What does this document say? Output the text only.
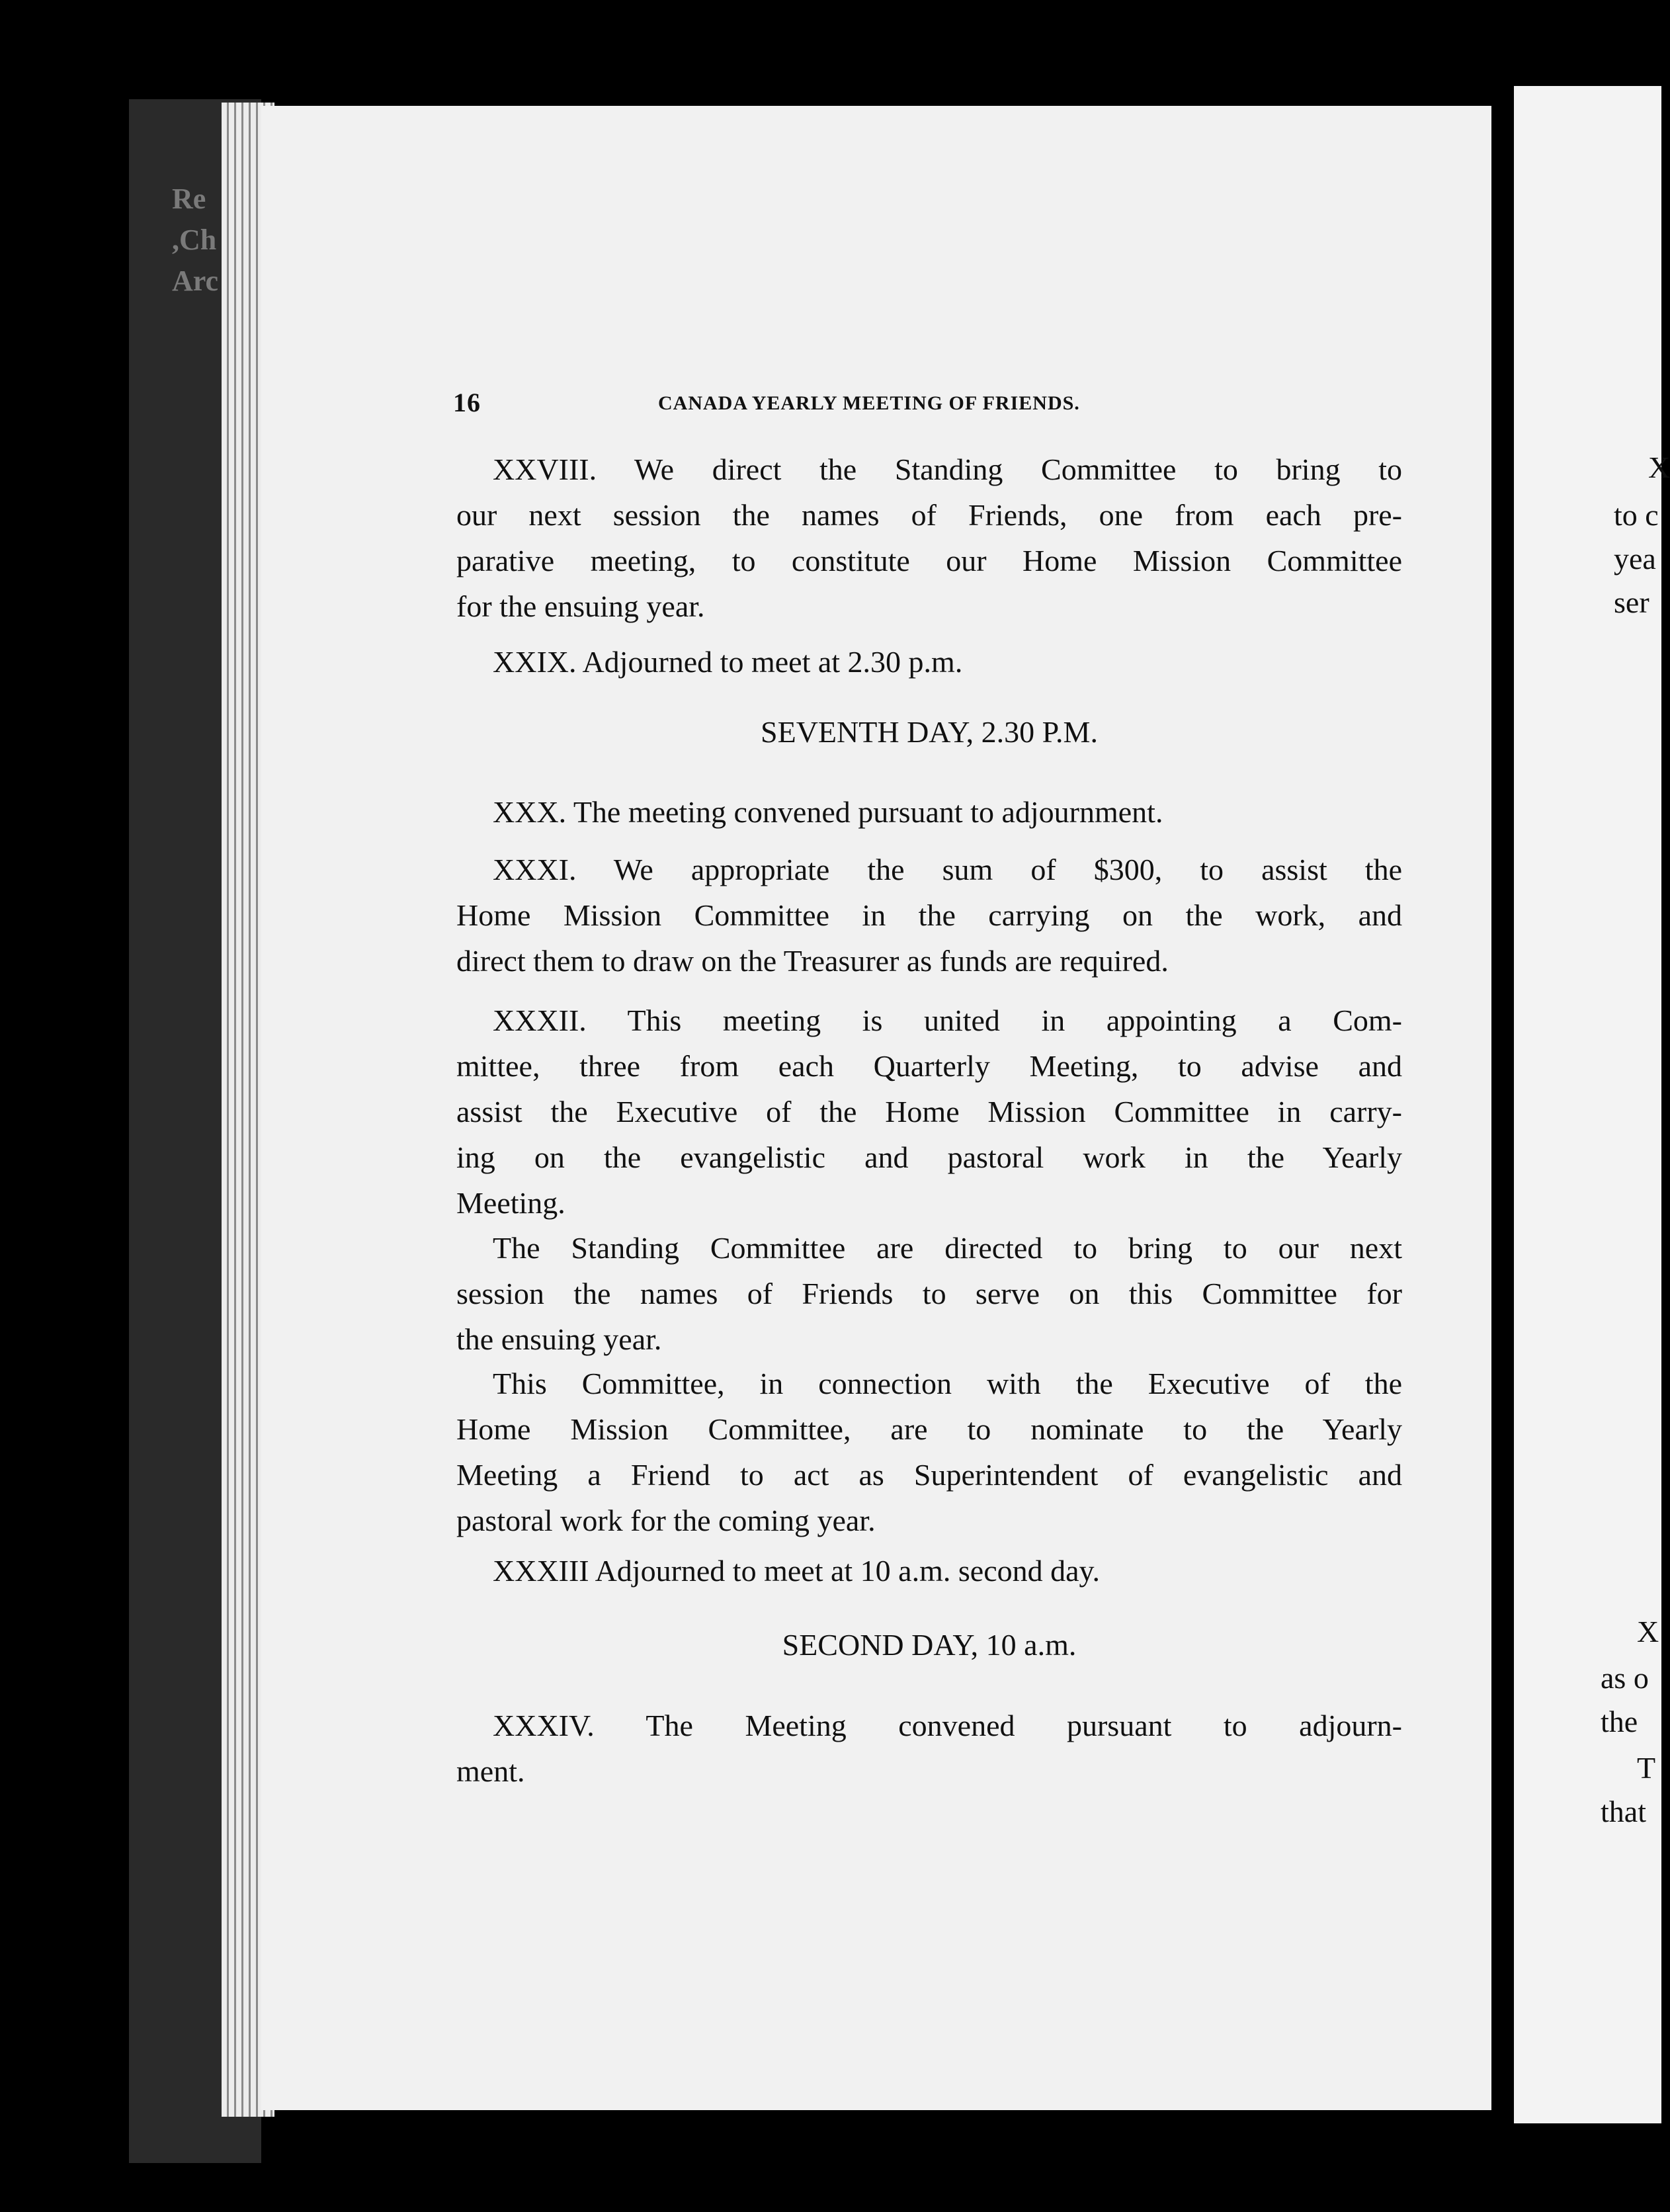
Re
,Ch
Arc
X
to c
yea
ser
X
as o
the
T
that
16	CANADA YEARLY MEETING OF FRIENDS.
XXVIII. We direct the Standing Committee to bring to
our next session the names of Friends, one from each pre-
parative meeting, to constitute our Home Mission Committee
for the ensuing year.
XXIX. Adjourned to meet at 2.30 p.m.
SEVENTH DAY, 2.30 P.M.
XXX. The meeting convened pursuant to adjournment.
XXXI. We appropriate the sum of $300, to assist the
Home Mission Committee in the carrying on the work, and
direct them to draw on the Treasurer as funds are required.
XXXII. This meeting is united in appointing a Com-
mittee, three from each Quarterly Meeting, to advise and
assist the Executive of the Home Mission Committee in carry-
ing on the evangelistic and pastoral work in the Yearly
Meeting.
The Standing Committee are directed to bring to our next
session the names of Friends to serve on this Committee for
the ensuing year.
This Committee, in connection with the Executive of the
Home Mission Committee, are to nominate to the Yearly
Meeting a Friend to act as Superintendent of evangelistic and
pastoral work for the coming year.
XXXIII Adjourned to meet at 10 a.m. second day.
SECOND DAY, 10 a.m.
XXXIV. The Meeting convened pursuant to adjourn-
ment.
